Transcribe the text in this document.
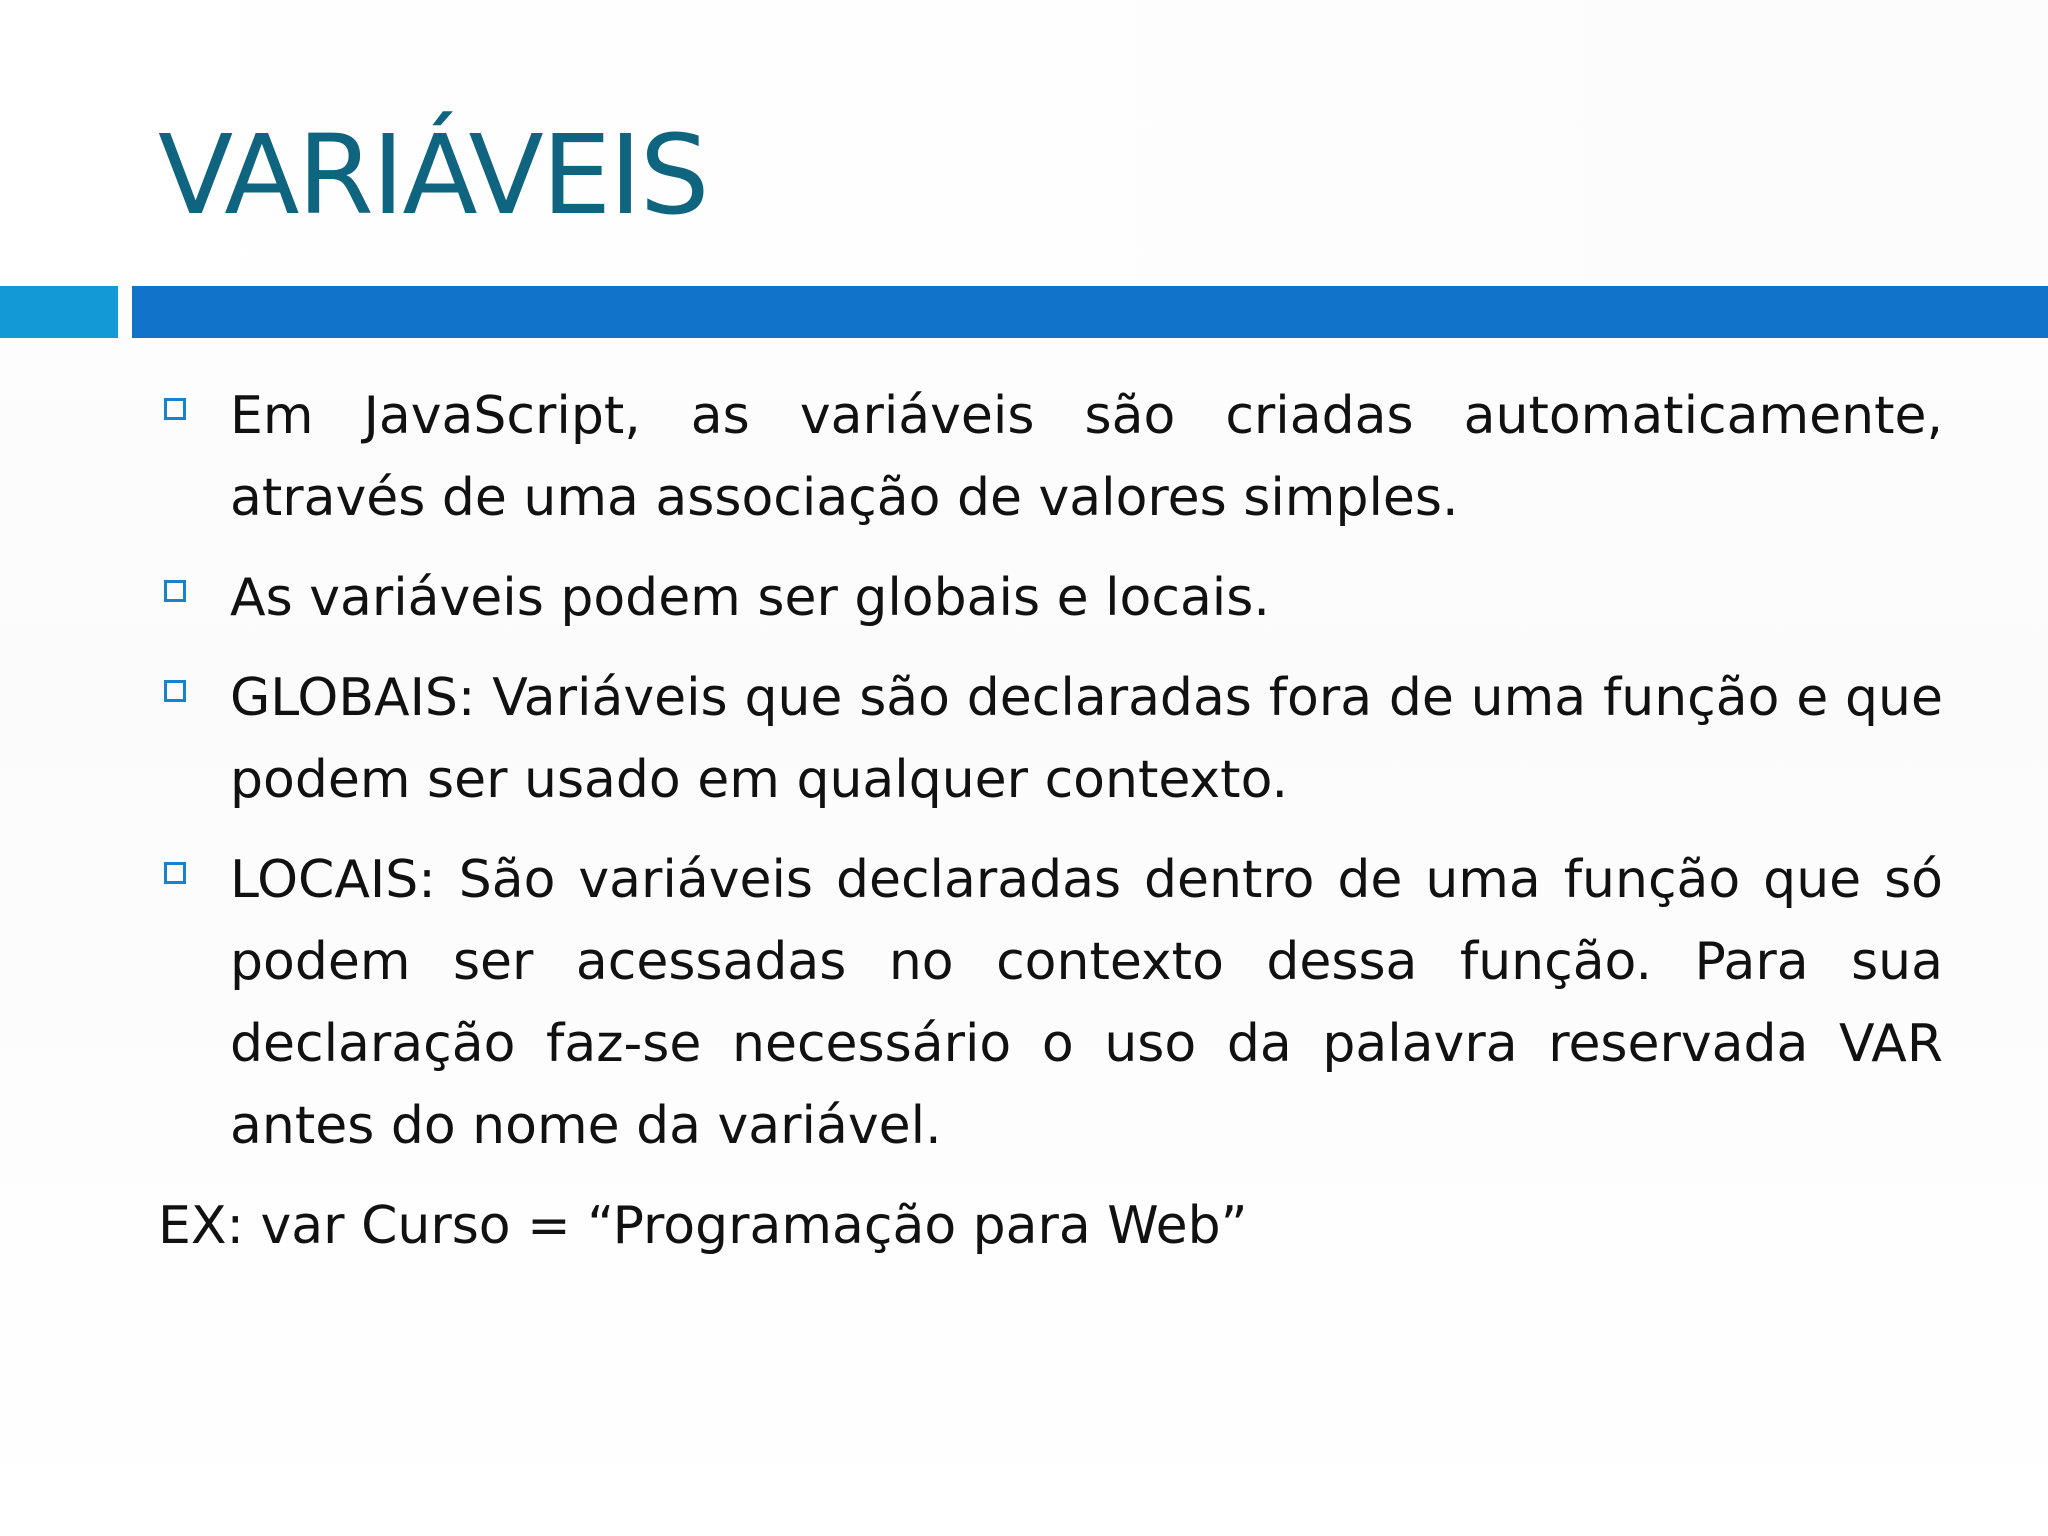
VARIÁVEIS
Em JavaScript, as variáveis são criadas automaticamente, através de uma associação de valores simples.
As variáveis podem ser globais e locais.
GLOBAIS: Variáveis que são declaradas fora de uma função e que podem ser usado em qualquer contexto.
LOCAIS: São variáveis declaradas dentro de uma função que só podem ser acessadas no contexto dessa função. Para sua declaração faz-se necessário o uso da palavra reservada VAR antes do nome da variável.

EX: var Curso = “Programação para Web”
